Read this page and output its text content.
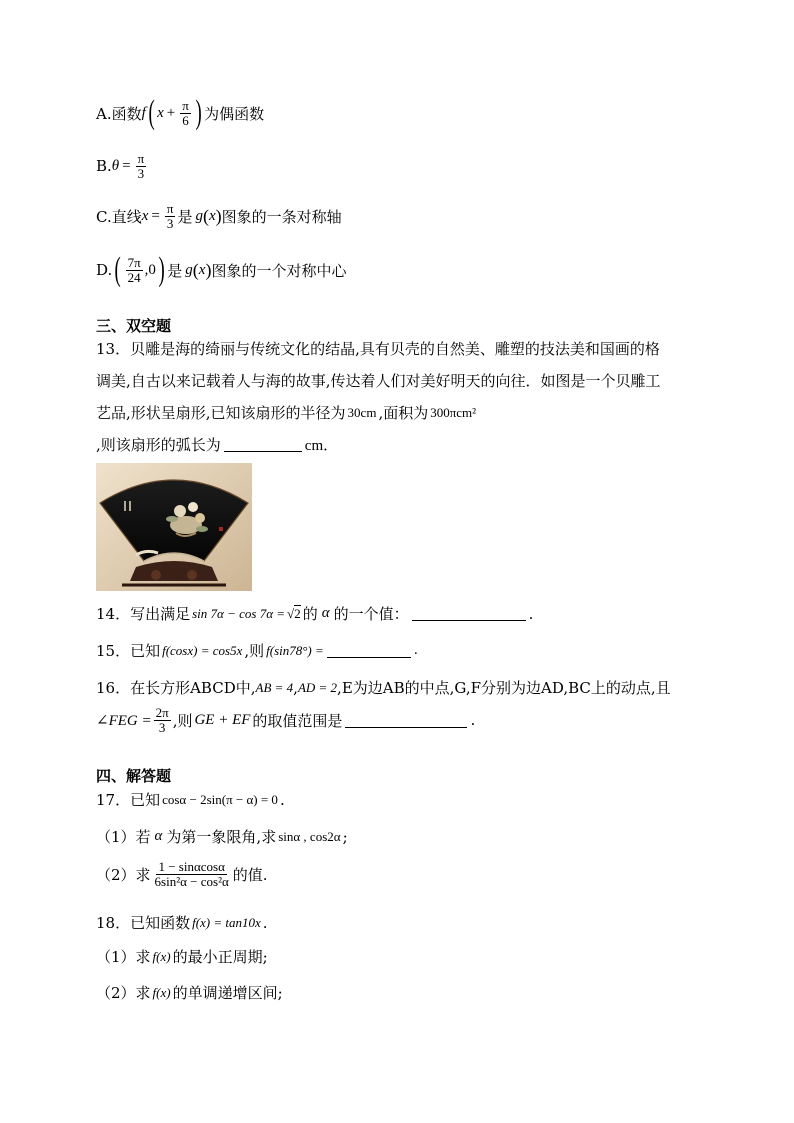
A.函数 f ( $x + \frac{\pi}{6}$ ) 为偶函数
B. $\theta = \frac{\pi}{3}$
C.直线 $x = \frac{\pi}{3}$ 是 g ( x ) 图象的一条对称轴
D. ( $\frac{7\pi}{24} ,0$ ) 是 g ( x ) 图象的一个对称中心
三、双空题
13．贝雕是海的绮丽与传统文化的结晶,具有贝壳的自然美、雕塑的技法美和国画的格
调美,自古以来记载着人与海的故事,传达着人们对美好明天的向往．如图是一个贝雕工
艺品,形状呈扇形,已知该扇形的半径为 30cm ,面积为 300πcm²
,则该扇形的弧长为	cm．
14．写出满足 sin 7α − cos 7α = √ 2 的 α 的一个值：	.
15．已知 f(cosx) = cos5x ,则 f(sin78°) =	.
16．在长方形ABCD中, AB = 4 , AD = 2 ,E为边AB的中点,G,F分别为边AD,BC上的动点,且
∠FEG = $\frac{2\pi}{3}$ ,则 GE + EF 的取值范围是	.
四、解答题
17．已知 cosα − 2sin(π − α) = 0 .
（1）若 α 为第一象限角,求 sinα , cos2α ;
（2）求 $\frac{1 - \sin\alpha\cos\alpha}{\text{6sin²α − cos²α}}$ 的值.
18．已知函数 f(x) = tan10x .
（1）求 f(x) 的最小正周期;
（2）求 f(x) 的单调递增区间;
